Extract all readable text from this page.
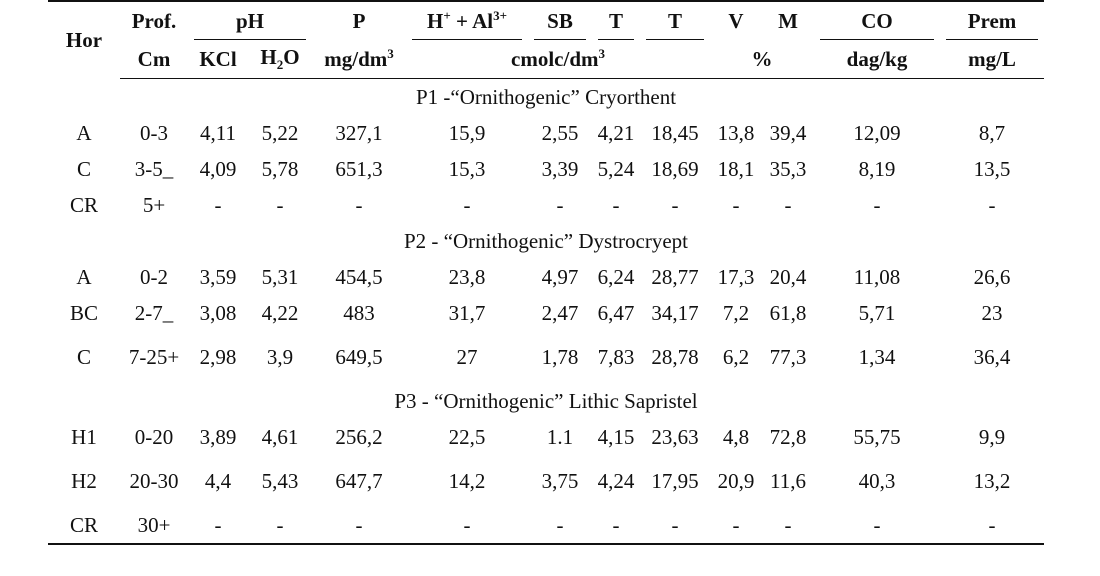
Hor	Prof.	pH		P	$H^+ + Al^{3+}$	SB	T	T	V	M	CO	Prem

	Cm	KCl	$H_2O$	$mg/dm^3$	cmolc/$dm^3$				%		dag/kg	mg/L
P1 -“Ornithogenic” Cryorthent												
A	0-3	4,11	5,22	327,1	15,9	2,55	4,21	18,45	13,8	39,4	12,09	8,7
C	3-5_	4,09	5,78	651,3	15,3	3,39	5,24	18,69	18,1	35,3	8,19	13,5
CR	5+	-	-	-	-	-	-	-	-	-	-	-
P2 - “Ornithogenic” Dystrocryept												
A	0-2	3,59	5,31	454,5	23,8	4,97	6,24	28,77	17,3	20,4	11,08	26,6
BC	2-7_	3,08	4,22	483	31,7	2,47	6,47	34,17	7,2	61,8	5,71	23
C	7-25+	2,98	3,9	649,5	27	1,78	7,83	28,78	6,2	77,3	1,34	36,4
P3 - “Ornithogenic” Lithic Sapristel												
H1	0-20	3,89	4,61	256,2	22,5	1.1	4,15	23,63	4,8	72,8	55,75	9,9
H2	20-30	4,4	5,43	647,7	14,2	3,75	4,24	17,95	20,9	11,6	40,3	13,2
CR	30+	-	-	-	-	-	-	-	-	-	-	-
